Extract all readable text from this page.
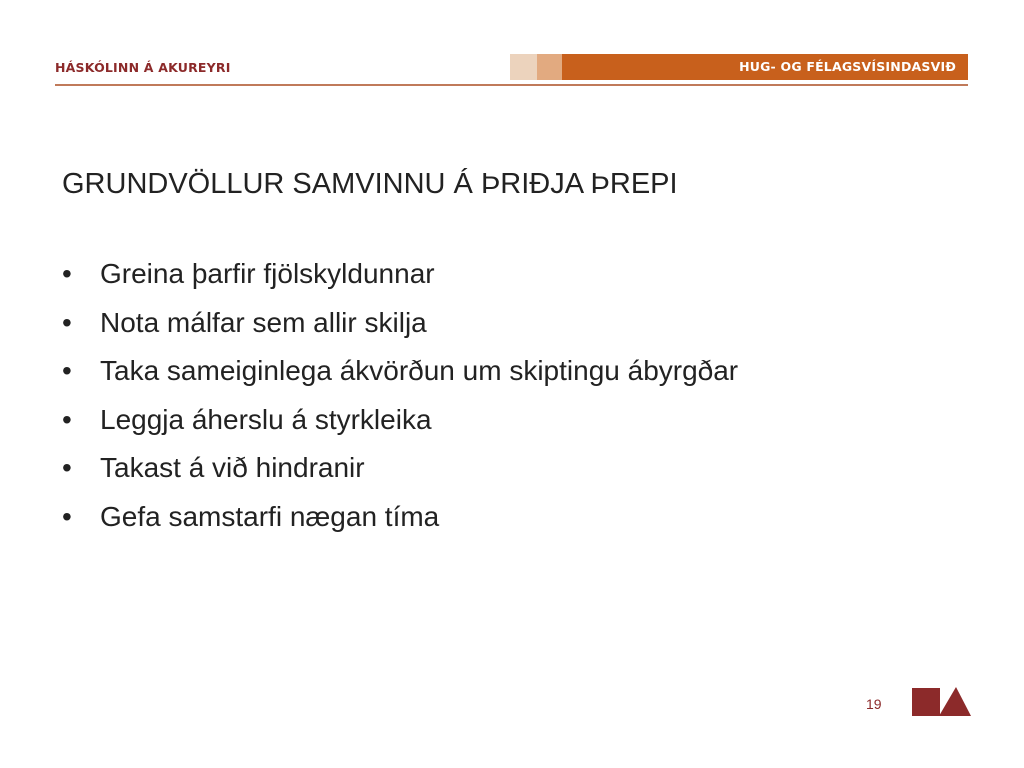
HÁSKÓLINN Á AKUREYRI	HUG- OG FÉLAGSVÍSINDASVIÐ
GRUNDVÖLLUR SAMVINNU Á ÞRIÐJA ÞREPI
•	Greina þarfir fjölskyldunnar
•	Nota málfar sem allir skilja
•	Taka sameiginlega ákvörðun um skiptingu ábyrgðar
•	Leggja áherslu á styrkleika
•	Takast á við hindranir
•	Gefa samstarfi nægan tíma
19
